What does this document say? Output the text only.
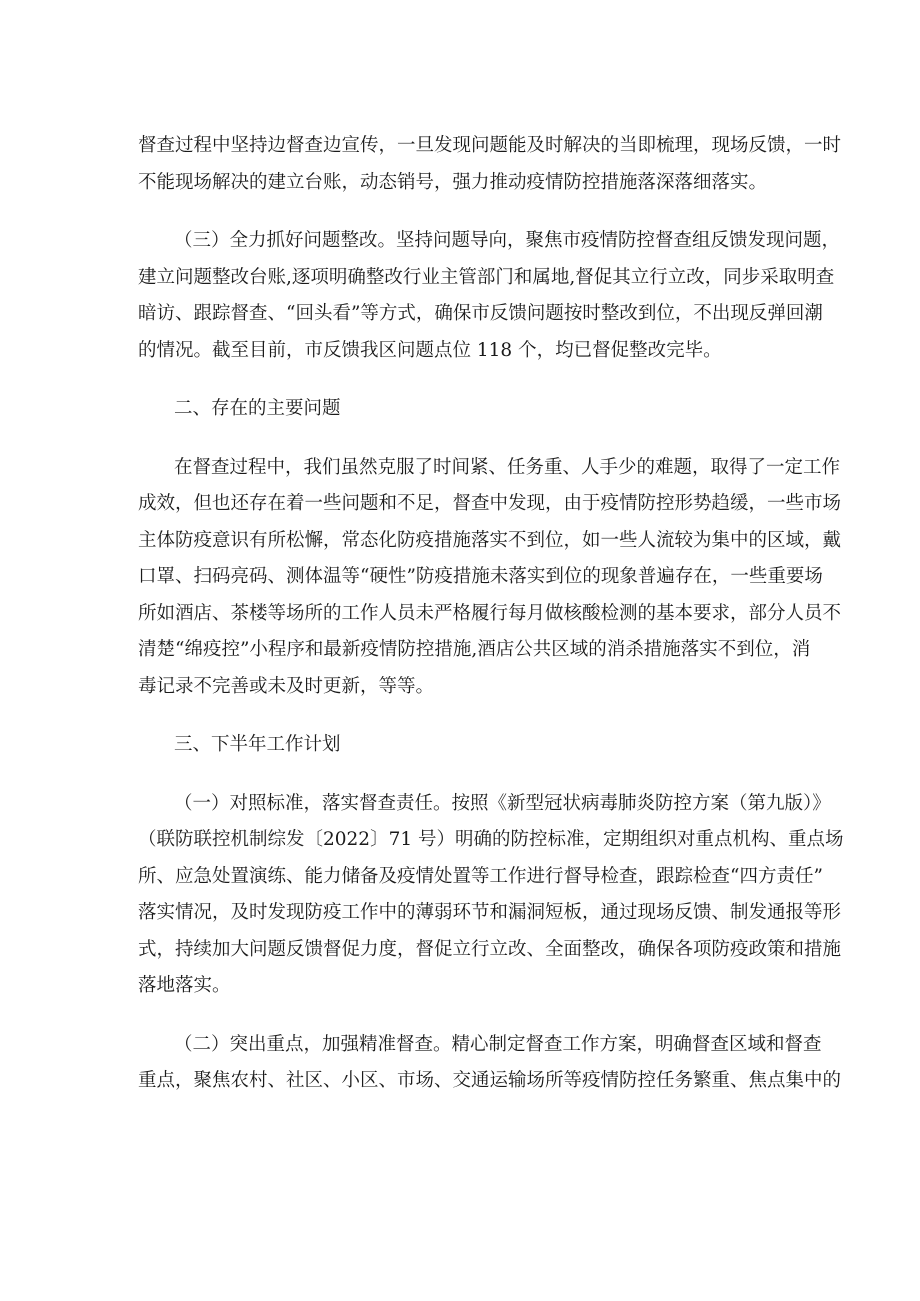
督查过程中坚持边督查边宣传，一旦发现问题能及时解决的当即梳理，现场反馈，一时
不能现场解决的建立台账，动态销号，强力推动疫情防控措施落深落细落实。

（三）全力抓好问题整改。坚持问题导向，聚焦市疫情防控督查组反馈发现问题，
建立问题整改台账,逐项明确整改行业主管部门和属地,督促其立行立改，同步采取明查
暗访、跟踪督查、“回头看”等方式，确保市反馈问题按时整改到位，不出现反弹回潮
的情况。截至目前，市反馈我区问题点位 118 个，均已督促整改完毕。

二、存在的主要问题

在督查过程中，我们虽然克服了时间紧、任务重、人手少的难题，取得了一定工作
成效，但也还存在着一些问题和不足，督查中发现，由于疫情防控形势趋缓，一些市场
主体防疫意识有所松懈，常态化防疫措施落实不到位，如一些人流较为集中的区域，戴
口罩、扫码亮码、测体温等“硬性”防疫措施未落实到位的现象普遍存在，一些重要场
所如酒店、茶楼等场所的工作人员未严格履行每月做核酸检测的基本要求，部分人员不
清楚“绵疫控”小程序和最新疫情防控措施,酒店公共区域的消杀措施落实不到位，消
毒记录不完善或未及时更新，等等。

三、下半年工作计划

（一）对照标准，落实督查责任。按照《新型冠状病毒肺炎防控方案（第九版）》
（联防联控机制综发〔2022〕71 号）明确的防控标准，定期组织对重点机构、重点场
所、应急处置演练、能力储备及疫情处置等工作进行督导检查，跟踪检查“四方责任”
落实情况，及时发现防疫工作中的薄弱环节和漏洞短板，通过现场反馈、制发通报等形
式，持续加大问题反馈督促力度，督促立行立改、全面整改，确保各项防疫政策和措施
落地落实。

（二）突出重点，加强精准督查。精心制定督查工作方案，明确督查区域和督查
重点，聚焦农村、社区、小区、市场、交通运输场所等疫情防控任务繁重、焦点集中的
